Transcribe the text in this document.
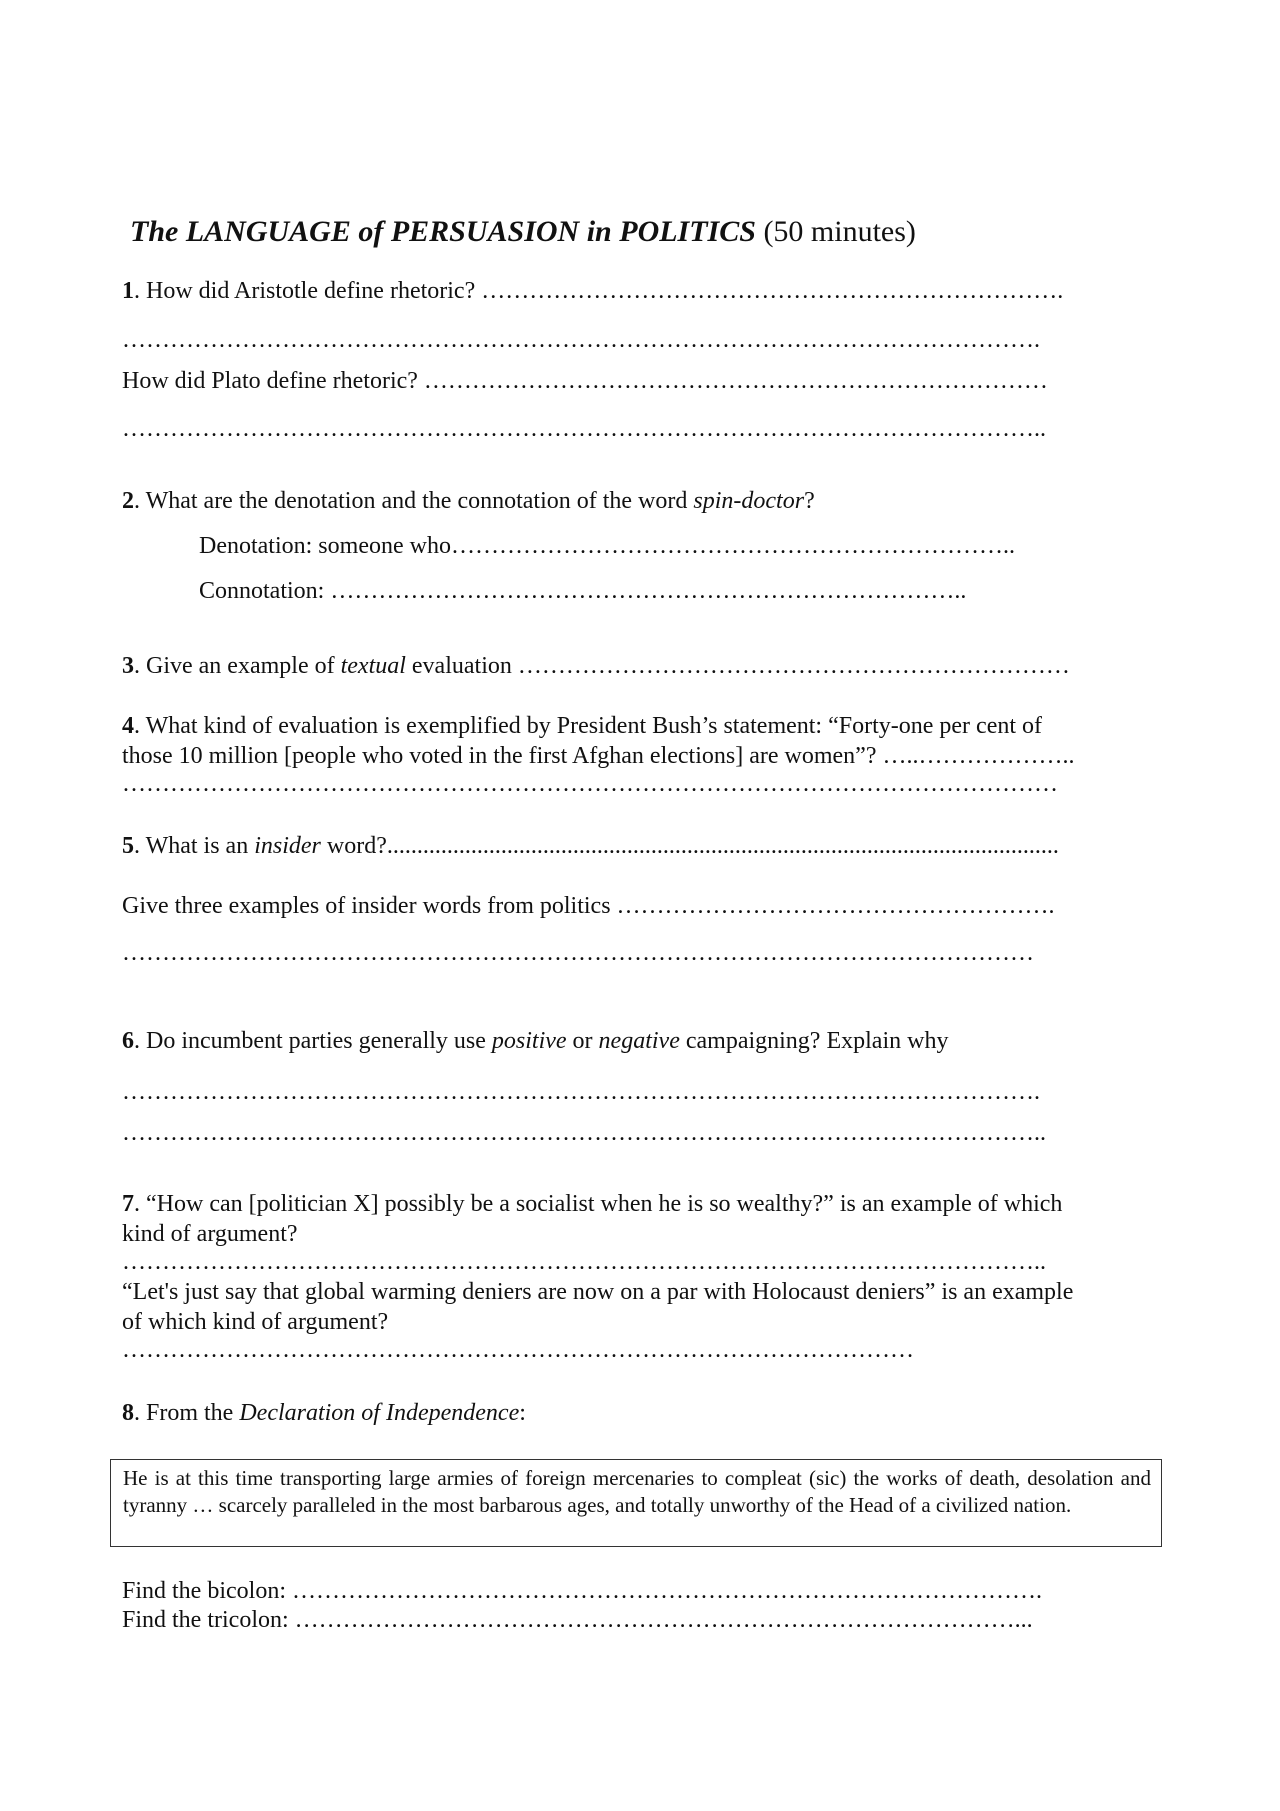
The LANGUAGE of PERSUASION in POLITICS (50 minutes)
1. How did Aristotle define rhetoric? ……………………………………………………………….
…………………………………………………………………………………………………….
How did Plato define rhetoric? ……………………………………………………………………
……………………………………………………………………………………………………..
2. What are the denotation and the connotation of the word spin-doctor?
Denotation: someone who……………………………………………………………..
Connotation: ……………………………………………………………………..
3. Give an example of textual evaluation ……………………………………………………………
4. What kind of evaluation is exemplified by President Bush’s statement: “Forty-one per cent of
those 10 million [people who voted in the first Afghan elections] are women”? …..………………..
………………………………………………………………………………………………………
5. What is an insider word?................................................................................................................
Give three examples of insider words from politics ……………………………………………….
……………………………………………………………………………………………………
6. Do incumbent parties generally use positive or negative campaigning? Explain why
…………………………………………………………………………………………………….
……………………………………………………………………………………………………..
7. “How can [politician X] possibly be a socialist when he is so wealthy?” is an example of which
kind of argument?
……………………………………………………………………………………………………..
“Let's just say that global warming deniers are now on a par with Holocaust deniers” is an example
of which kind of argument?
………………………………………………………………………………………
8. From the Declaration of Independence:
He is at this time transporting large armies of foreign mercenaries to compleat (sic) the works of death, desolation and tyranny … scarcely paralleled in the most barbarous ages, and totally unworthy of the Head of a civilized nation.
Find the bicolon: ………………………………………………………………………………….
Find the tricolon: ………………………………………………………………………………...
